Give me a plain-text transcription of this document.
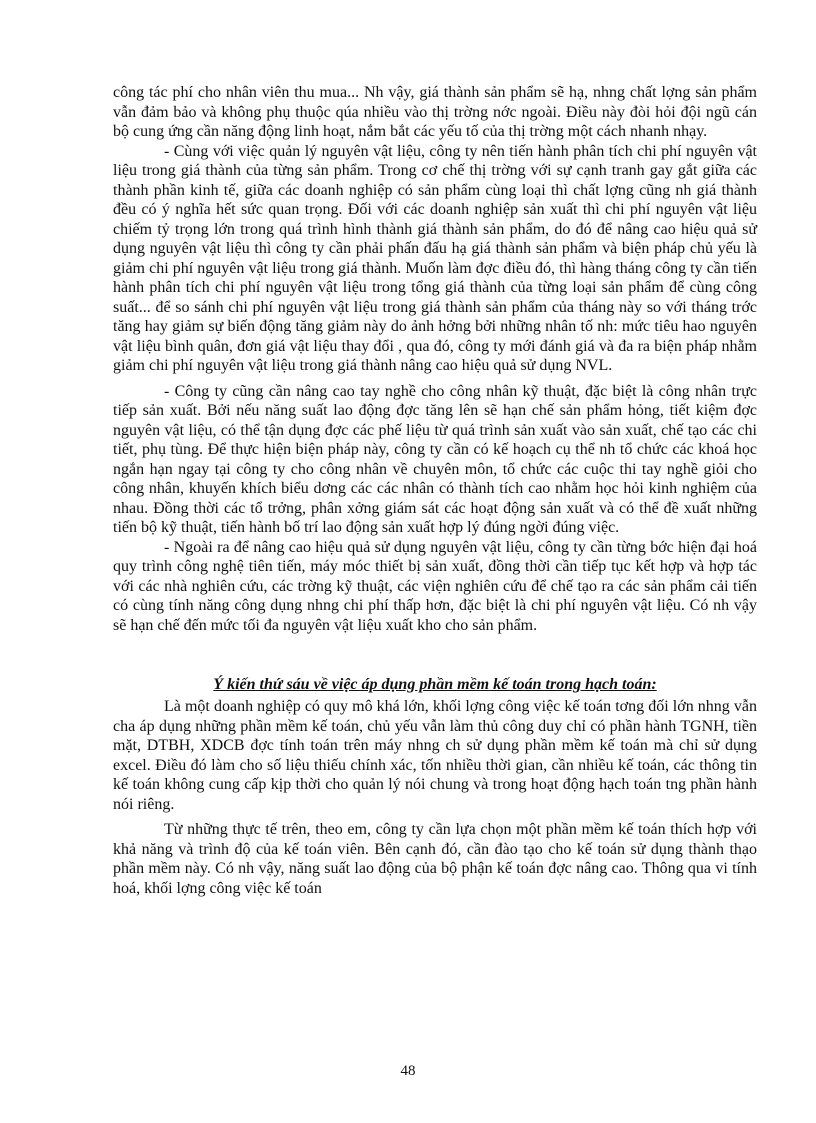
công tác phí cho nhân viên thu mua... Nh vậy, giá thành sản phẩm sẽ hạ, nhng chất lợng sản phẩm vẫn đảm bảo và không phụ thuộc qúa nhiều vào thị trờng nớc ngoài. Điều này đòi hỏi đội ngũ cán bộ cung ứng cần năng động linh hoạt, nắm bắt các yếu tố của thị trờng một cách nhanh nhạy.

- Cùng với việc quản lý nguyên vật liệu, công ty nên tiến hành phân tích chi phí nguyên vật liệu trong giá thành của từng sản phẩm. Trong cơ chế thị trờng với sự cạnh tranh gay gắt giữa các thành phần kinh tế, giữa các doanh nghiệp có sản phẩm cùng loại thì chất lợng cũng nh giá thành đều có ý nghĩa hết sức quan trọng. Đối với các doanh nghiệp sản xuất thì chi phí nguyên vật liệu chiếm tỷ trọng lớn trong quá trình hình thành giá thành sản phẩm, do đó để nâng cao hiệu quả sử dụng nguyên vật liệu thì công ty cần phải phấn đấu hạ giá thành sản phẩm và biện pháp chủ yếu là giảm chi phí nguyên vật liệu trong giá thành. Muốn làm đợc điều đó, thì hàng tháng công ty cần tiến hành phân tích chi phí nguyên vật liệu trong tổng giá thành của từng loại sản phẩm để cùng công suất... để so sánh chi phí nguyên vật liệu trong giá thành sản phẩm của tháng này so với tháng trớc tăng hay giảm sự biến động tăng giảm này do ảnh hởng bởi những nhân tố nh: mức tiêu hao nguyên vật liệu bình quân, đơn giá vật liệu thay đổi , qua đó, công ty mới đánh giá và đa ra biện pháp nhằm giảm chi phí nguyên vật liệu trong giá thành nâng cao hiệu quả sử dụng NVL.

- Công ty cũng cần nâng cao tay nghề cho công nhân kỹ thuật, đặc biệt là công nhân trực tiếp sản xuất. Bởi nếu năng suất lao động đợc tăng lên sẽ hạn chế sản phẩm hỏng, tiết kiệm đợc nguyên vật liệu, có thể tận dụng đợc các phế liệu từ quá trình sản xuất vào sản xuất, chế tạo các chi tiết, phụ tùng. Để thực hiện biện pháp này, công ty cần có kế hoạch cụ thể nh tổ chức các khoá học ngắn hạn ngay tại công ty cho công nhân về chuyên môn, tổ chức các cuộc thi tay nghề giỏi cho công nhân, khuyến khích biểu dơng các các nhân có thành tích cao nhằm học hỏi kinh nghiệm của nhau. Đồng thời các tổ trởng, phân xởng giám sát các hoạt động sản xuất và có thể đề xuất những tiến bộ kỹ thuật, tiến hành bố trí lao động sản xuất hợp lý đúng ngời đúng việc.

- Ngoài ra để nâng cao hiệu quả sử dụng nguyên vật liệu, công ty cần từng bớc hiện đại hoá quy trình công nghệ tiên tiến, máy móc thiết bị sản xuất, đồng thời cần tiếp tục kết hợp và hợp tác với các nhà nghiên cứu, các trờng kỹ thuật, các viện nghiên cứu để chế tạo ra các sản phẩm cải tiến có cùng tính năng công dụng nhng chi phí thấp hơn, đặc biệt là chi phí nguyên vật liệu. Có nh vậy sẽ hạn chế đến mức tối đa nguyên vật liệu xuất kho cho sản phẩm.

Ý kiến thứ sáu về việc áp dụng phần mềm kế toán trong hạch toán:

Là một doanh nghiệp có quy mô khá lớn, khối lợng công việc kế toán tơng đối lớn nhng vẫn cha áp dụng những phần mềm kế toán, chủ yếu vẫn làm thủ công duy chỉ có phần hành TGNH, tiền mặt, DTBH, XDCB đợc tính toán trên máy nhng ch sử dụng phần mềm kế toán mà chỉ sử dụng excel. Điều đó làm cho số liệu thiếu chính xác, tốn nhiều thời gian, cần nhiều kế toán, các thông tin kế toán không cung cấp kịp thời cho quản lý nói chung và trong hoạt động hạch toán tng phần hành nói riêng.

Từ những thực tế trên, theo em, công ty cần lựa chọn một phần mềm kế toán thích hợp với khả năng và trình độ của kế toán viên. Bên cạnh đó, cần đào tạo cho kế toán sử dụng thành thạo phần mềm này. Có nh vậy, năng suất lao động của bộ phận kế toán đợc nâng cao. Thông qua vi tính hoá, khối lợng công việc kế toán

48
